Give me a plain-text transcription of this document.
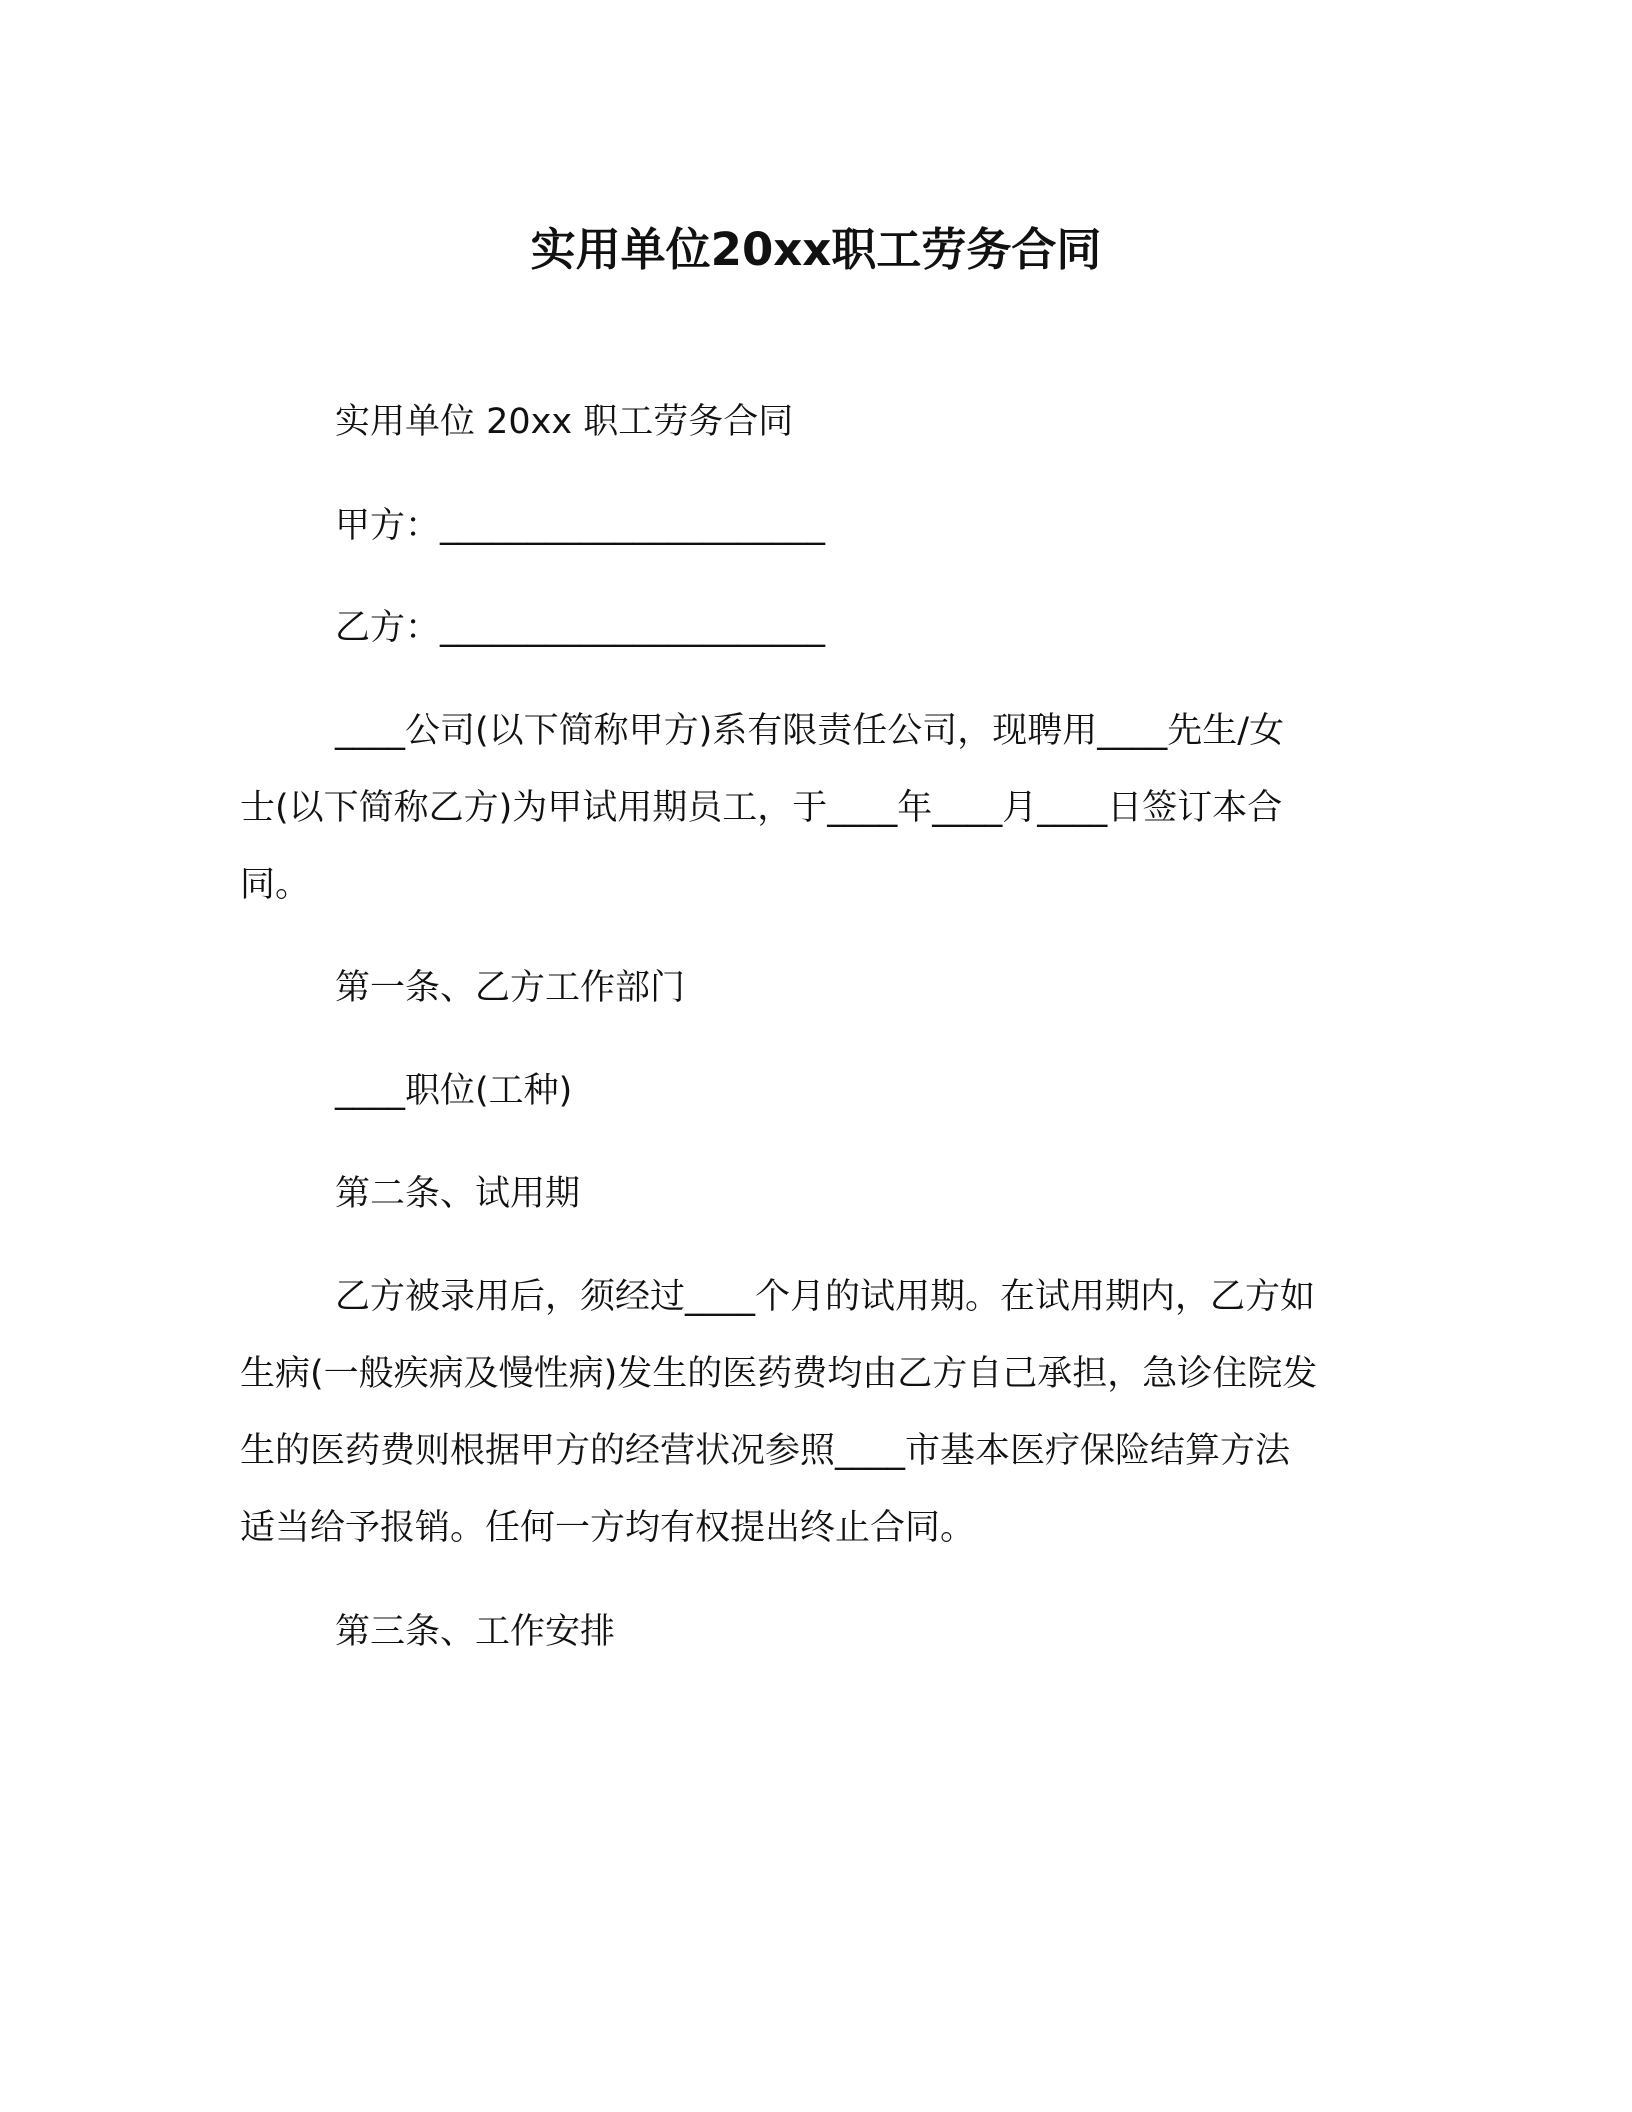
实用单位20xx职工劳务合同
实用单位 20xx 职工劳务合同
甲方：______________________
乙方：______________________
____公司(以下简称甲方)系有限责任公司，现聘用____先生/女
士(以下简称乙方)为甲试用期员工，于____年____月____日签订本合
同。
第一条、乙方工作部门
____职位(工种)
第二条、试用期
乙方被录用后，须经过____个月的试用期。在试用期内，乙方如
生病(一般疾病及慢性病)发生的医药费均由乙方自己承担，急诊住院发
生的医药费则根据甲方的经营状况参照____市基本医疗保险结算方法
适当给予报销。任何一方均有权提出终止合同。
第三条、工作安排
